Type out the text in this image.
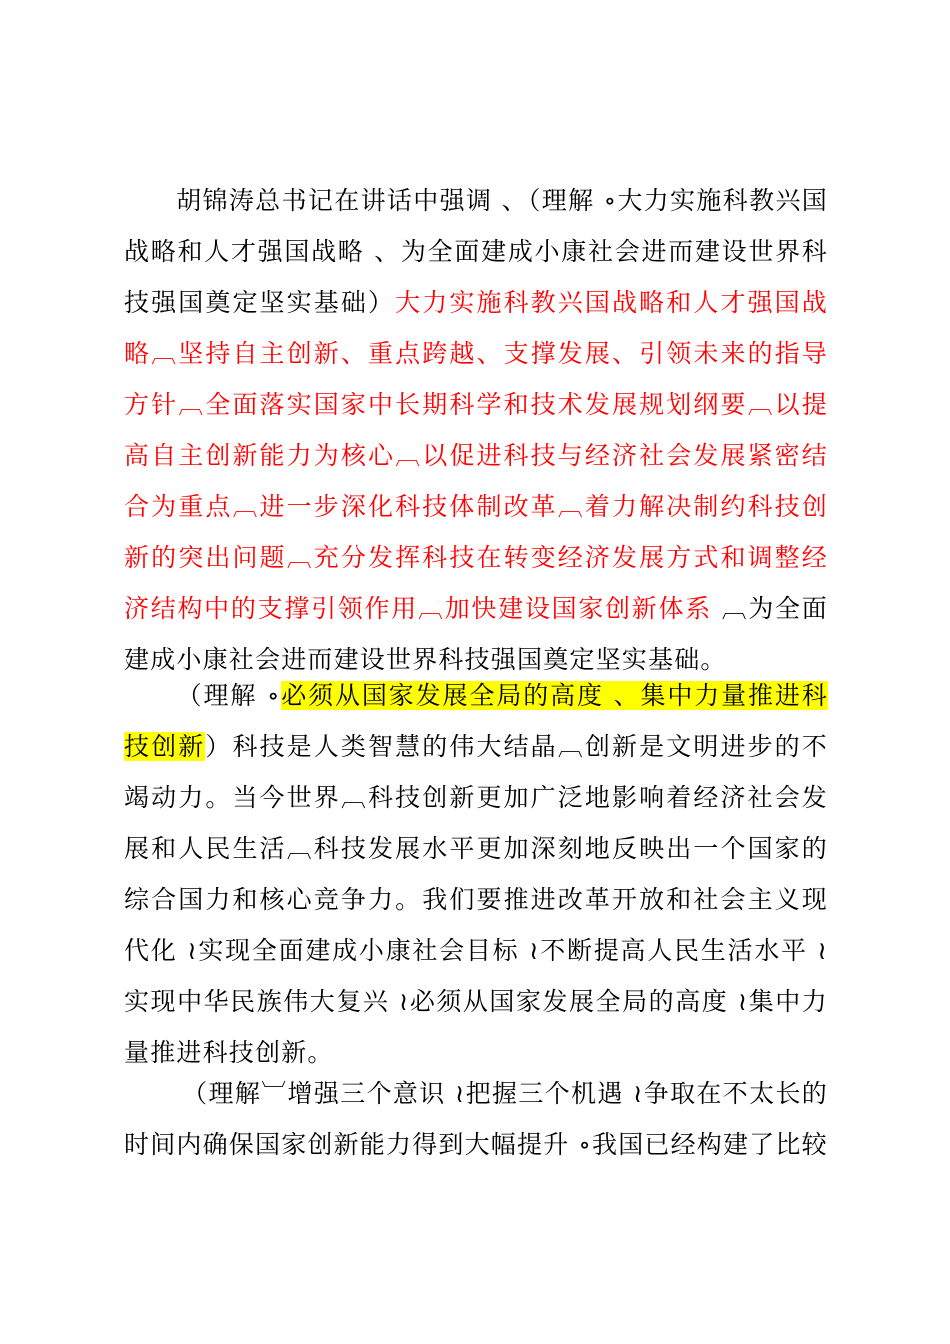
胡锦涛总书记在讲话中强调 、（理解 ∘大力实施科教兴国战略和人才强国战略 、为全面建成小康社会进而建设世界科技强国奠定坚实基础）大力实施科教兴国战略和人才强国战略︹坚持自主创新、重点跨越、支撑发展、引领未来的指导方针︹全面落实国家中长期科学和技术发展规划纲要︹以提高自主创新能力为核心︹以促进科技与经济社会发展紧密结合为重点︹进一步深化科技体制改革︹着力解决制约科技创新的突出问题︹充分发挥科技在转变经济发展方式和调整经济结构中的支撑引领作用︹加快建设国家创新体系 ︹为全面建成小康社会进而建设世界科技强国奠定坚实基础。

（理解 ∘必须从国家发展全局的高度 、集中力量推进科技创新）科技是人类智慧的伟大结晶︹创新是文明进步的不竭动力。当今世界︹科技创新更加广泛地影响着经济社会发展和人民生活︹科技发展水平更加深刻地反映出一个国家的综合国力和核心竞争力。我们要推进改革开放和社会主义现代化 ≀实现全面建成小康社会目标 ≀不断提高人民生活水平 ≀实现中华民族伟大复兴 ≀必须从国家发展全局的高度 ≀集中力量推进科技创新。

（理解︺增强三个意识 ≀把握三个机遇 ≀争取在不太长的时间内确保国家创新能力得到大幅提升 ∘我国已经构建了比较
